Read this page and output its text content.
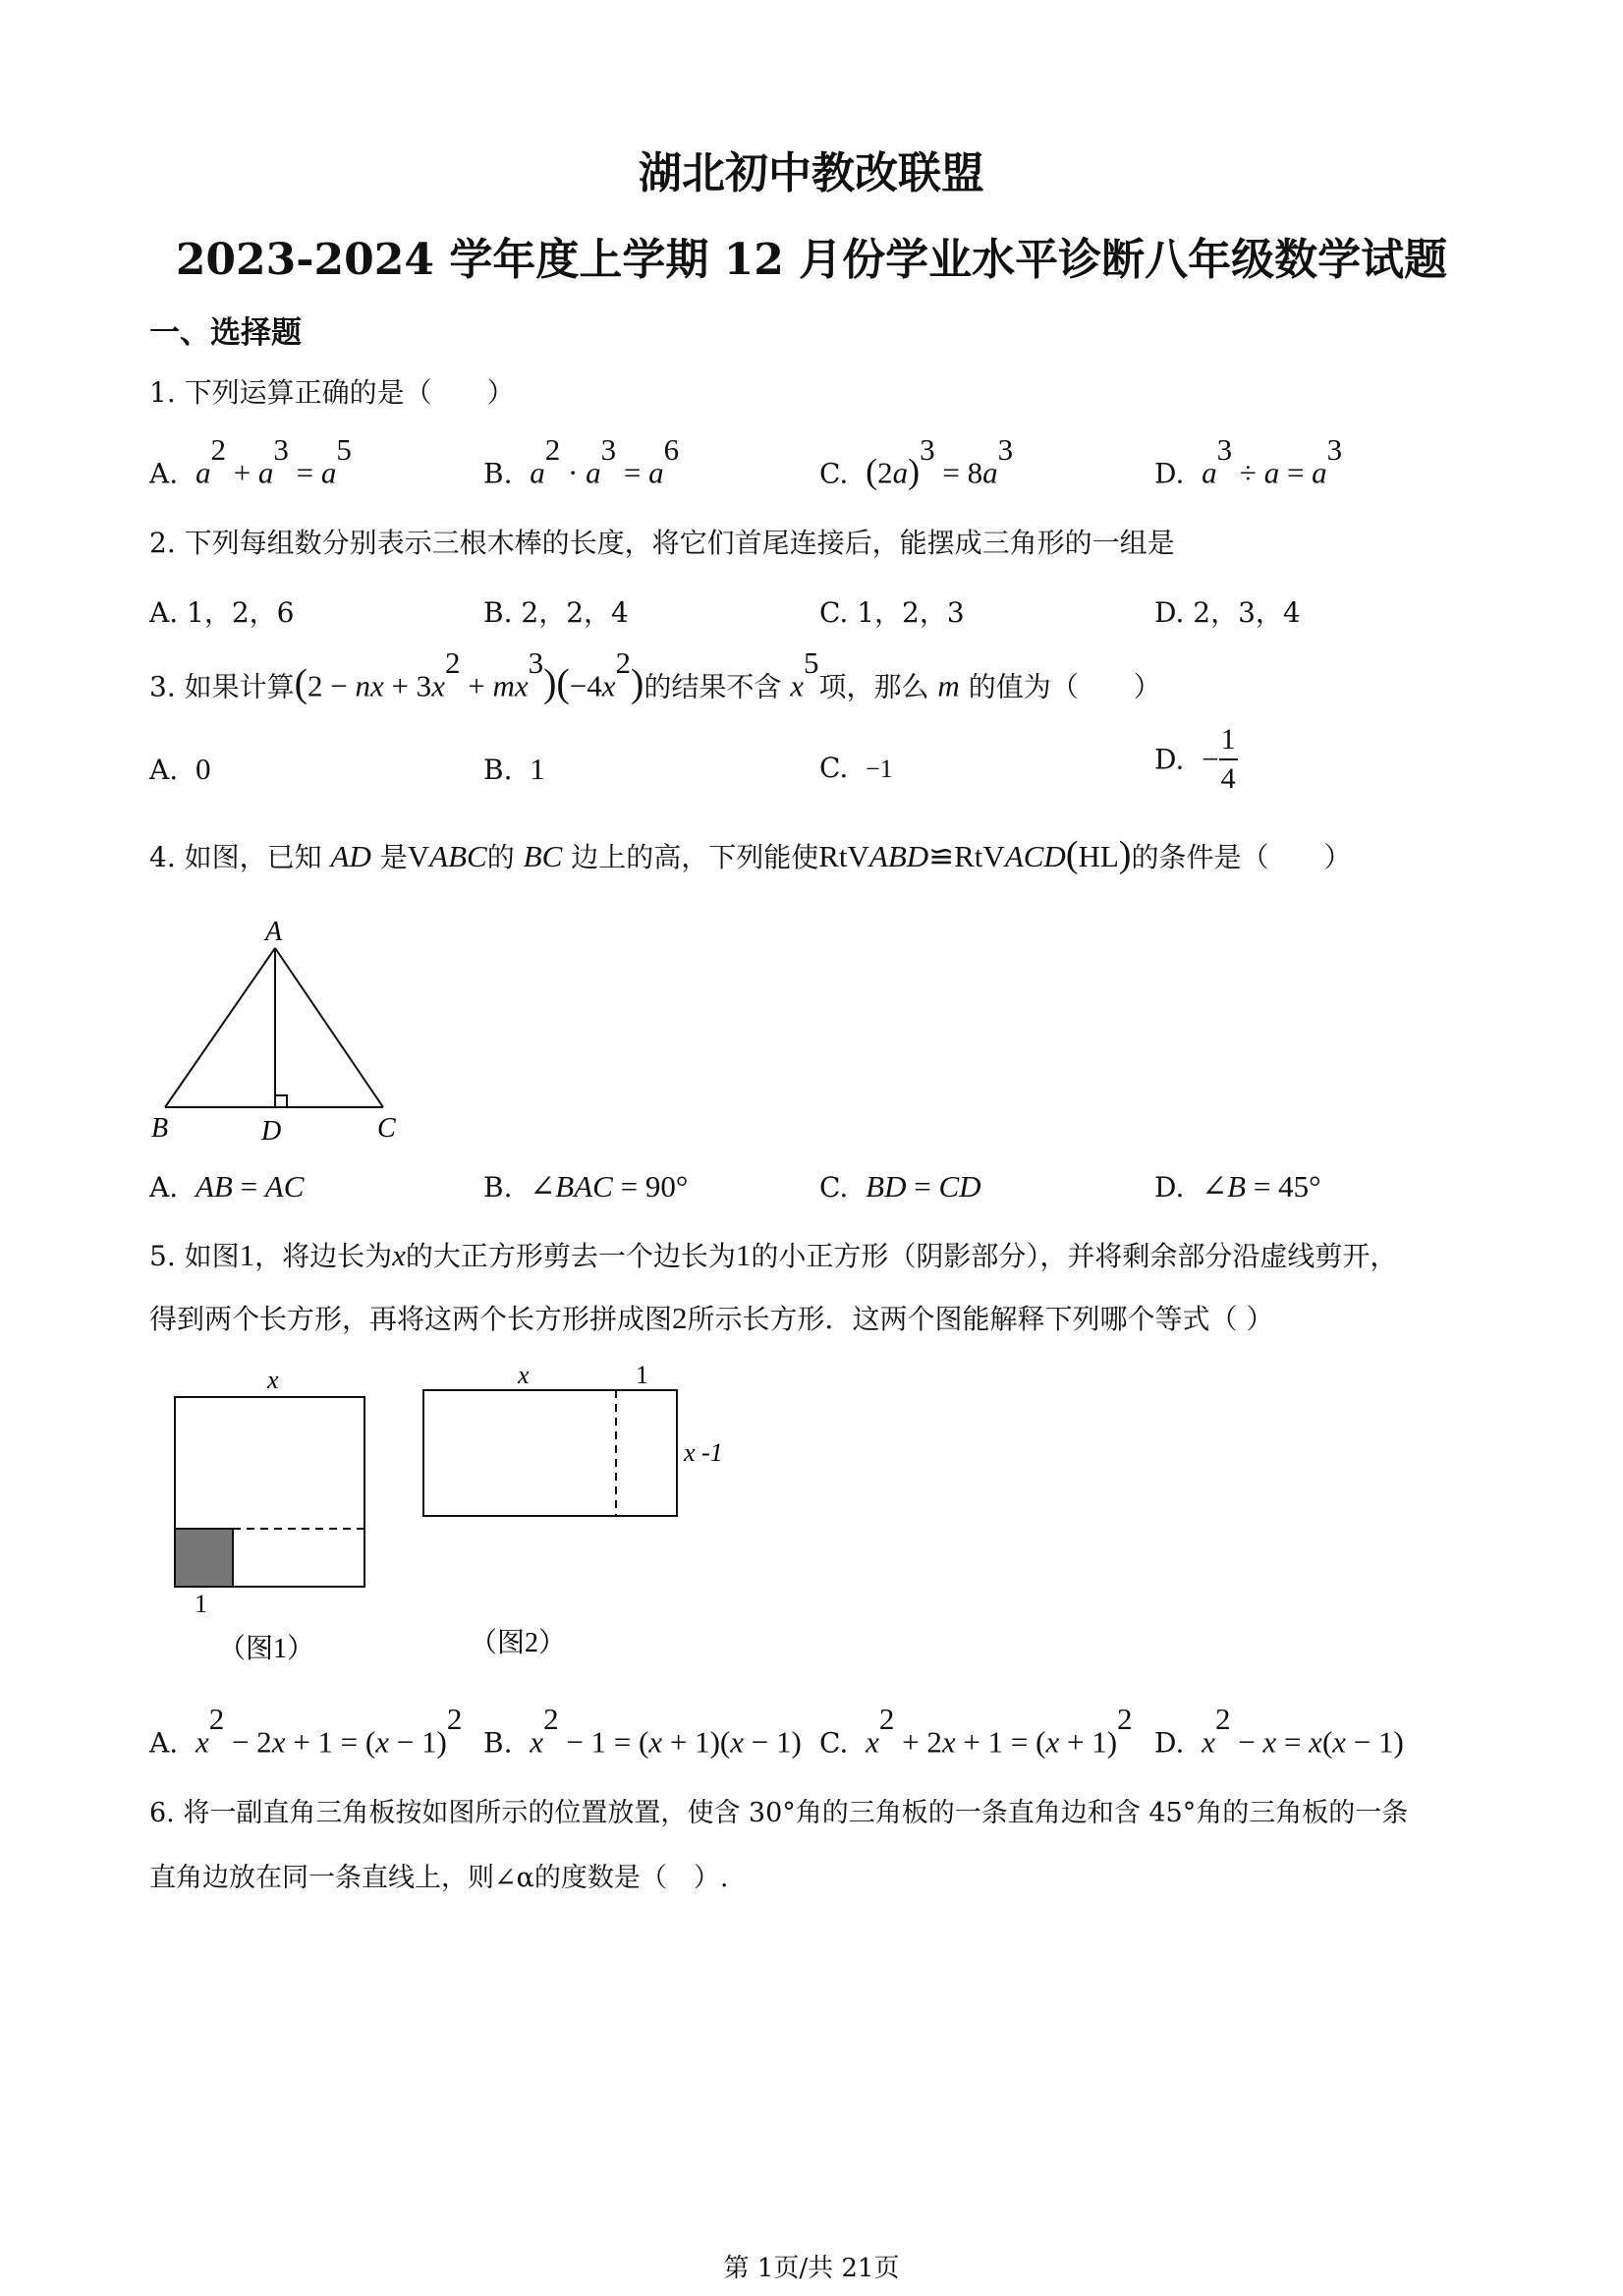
湖北初中教改联盟
2023-2024 学年度上学期 12 月份学业水平诊断八年级数学试题
一、选择题
1. 下列运算正确的是（　　）
A. $a^2 + a^3 = a^5$
B. $a^2 \cdot a^3 = a^6$
C. $(2a)^3 = 8a^3$
D. $a^3 \div a = a^3$
2. 下列每组数分别表示三根木棒的长度，将它们首尾连接后，能摆成三角形的一组是
A. 1，2，6	B. 2，2，4	C. 1，2，3	D. 2，3，4
3. 如果计算(2 − nx + $3x^2 + mx^3)(-4x^2)$的结果不含 $x^5$项，那么 m 的值为（　　）
A. 0	B. 1	C. −1	D. − $\frac{1}{4}$
4. 如图，已知 AD 是VABC的 BC 边上的高，下列能使RtVABD≌RtVACD(HL)的条件是（　　）
A
B	D	C
A. AB = AC	B. ∠BAC = 90°	C. BD = CD	D. ∠B = 45°
5. 如图1，将边长为x的大正方形剪去一个边长为1的小正方形（阴影部分），并将剩余部分沿虚线剪开，
得到两个长方形，再将这两个长方形拼成图2所示长方形．这两个图能解释下列哪个等式（ ）
x
1
（图1）
x	1
x -1
（图2）
A. $x^2 - 2x + 1 = (x - 1)^2$
B. $x^2 - 1 = (x + 1)(x - 1)$ C. $x^2 + 2x + 1 = (x + 1)^2$
D. $x^2 - x = x(x - 1)$
6. 将一副直角三角板按如图所示的位置放置，使含 30°角的三角板的一条直角边和含 45°角的三角板的一条
直角边放在同一条直线上，则∠α的度数是（　）.
第 1页/共 21页
